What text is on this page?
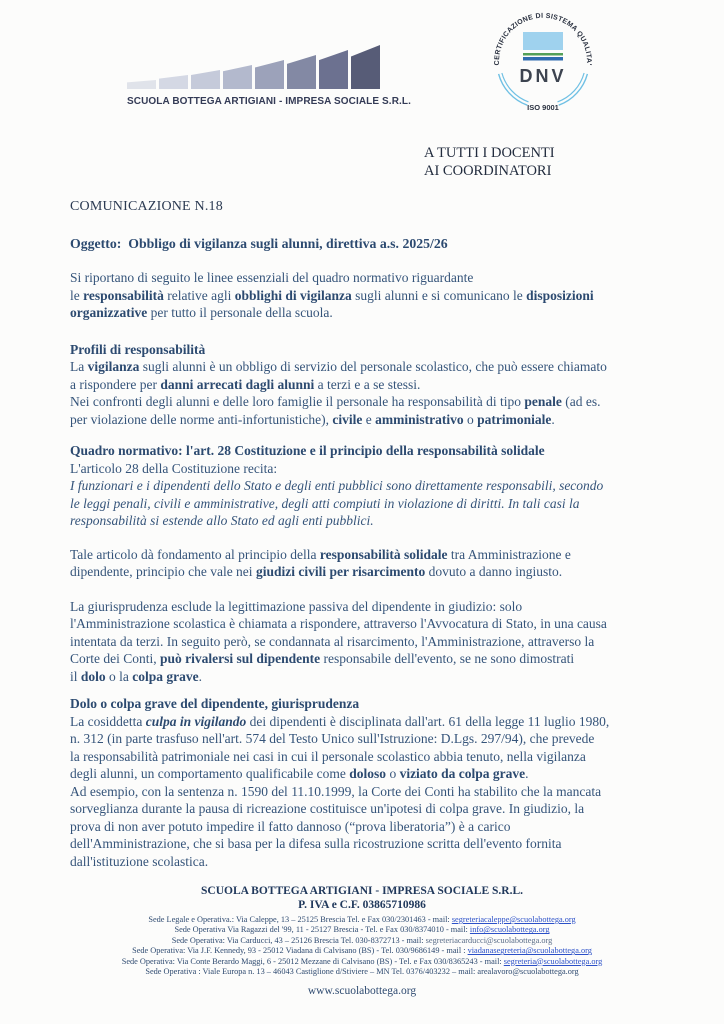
SCUOLA BOTTEGA ARTIGIANI - IMPRESA SOCIALE S.R.L.
CERTIFICAZIONE DI SISTEMA QUALITA'
DNV
ISO 9001
A TUTTI I DOCENTI
AI COORDINATORI

COMUNICAZIONE N.18

Oggetto:  Obbligo di vigilanza sugli alunni, direttiva a.s. 2025/26

Si riportano di seguito le linee essenziali del quadro normativo riguardante
le responsabilità relative agli obblighi di vigilanza sugli alunni e si comunicano le disposizioni
organizzative per tutto il personale della scuola.

Profili di responsabilità

La vigilanza sugli alunni è un obbligo di servizio del personale scolastico, che può essere chiamato
a rispondere per danni arrecati dagli alunni a terzi e a se stessi.
Nei confronti degli alunni e delle loro famiglie il personale ha responsabilità di tipo penale (ad es.
per violazione delle norme anti-infortunistiche), civile e amministrativo o patrimoniale.

Quadro normativo: l'art. 28 Costituzione e il principio della responsabilità solidale

L'articolo 28 della Costituzione recita:

I funzionari e i dipendenti dello Stato e degli enti pubblici sono direttamente responsabili, secondo
le leggi penali, civili e amministrative, degli atti compiuti in violazione di diritti. In tali casi la
responsabilità si estende allo Stato ed agli enti pubblici.

Tale articolo dà fondamento al principio della responsabilità solidale tra Amministrazione e
dipendente, principio che vale nei giudizi civili per risarcimento dovuto a danno ingiusto.

La giurisprudenza esclude la legittimazione passiva del dipendente in giudizio: solo
l'Amministrazione scolastica è chiamata a rispondere, attraverso l'Avvocatura di Stato, in una causa
intentata da terzi. In seguito però, se condannata al risarcimento, l'Amministrazione, attraverso la
Corte dei Conti, può rivalersi sul dipendente responsabile dell'evento, se ne sono dimostrati
il dolo o la colpa grave.

Dolo o colpa grave del dipendente, giurisprudenza

La cosiddetta culpa in vigilando dei dipendenti è disciplinata dall'art. 61 della legge 11 luglio 1980,
n. 312 (in parte trasfuso nell'art. 574 del Testo Unico sull'Istruzione: D.Lgs. 297/94), che prevede
la responsabilità patrimoniale nei casi in cui il personale scolastico abbia tenuto, nella vigilanza
degli alunni, un comportamento qualificabile come doloso o viziato da colpa grave.
Ad esempio, con la sentenza n. 1590 del 11.10.1999, la Corte dei Conti ha stabilito che la mancata
sorveglianza durante la pausa di ricreazione costituisce un'ipotesi di colpa grave. In giudizio, la
prova di non aver potuto impedire il fatto dannoso (“prova liberatoria”) è a carico
dell'Amministrazione, che si basa per la difesa sulla ricostruzione scritta dell'evento fornita
dall'istituzione scolastica.

SCUOLA BOTTEGA ARTIGIANI - IMPRESA SOCIALE S.R.L.
P. IVA e C.F. 03865710986
Sede Legale e Operativa.: Via Caleppe, 13 – 25125 Brescia Tel. e Fax 030/2301463 - mail: segreteriacaleppe@scuolabottega.org
Sede Operativa Via Ragazzi del '99, 11 - 25127 Brescia - Tel. e Fax 030/8374010 - mail: info@scuolabottega.org
Sede Operativa: Via Carducci, 43 – 25126 Brescia Tel. 030-8372713 - mail: segreteriacarducci@scuolabottega.org
Sede Operativa: Via J.F. Kennedy, 93 - 25012 Viadana di Calvisano (BS) - Tel. 030/9686149 - mail : viadanasegreteria@scuolabottega.org
Sede Operativa: Via Conte Berardo Maggi, 6 - 25012 Mezzane di Calvisano (BS) - Tel. e Fax 030/8365243 - mail: segreteria@scuolabottega.org
Sede Operativa : Viale Europa n. 13 – 46043 Castiglione d/Stiviere – MN Tel. 0376/403232 – mail: arealavoro@scuolabottega.org
www.scuolabottega.org
